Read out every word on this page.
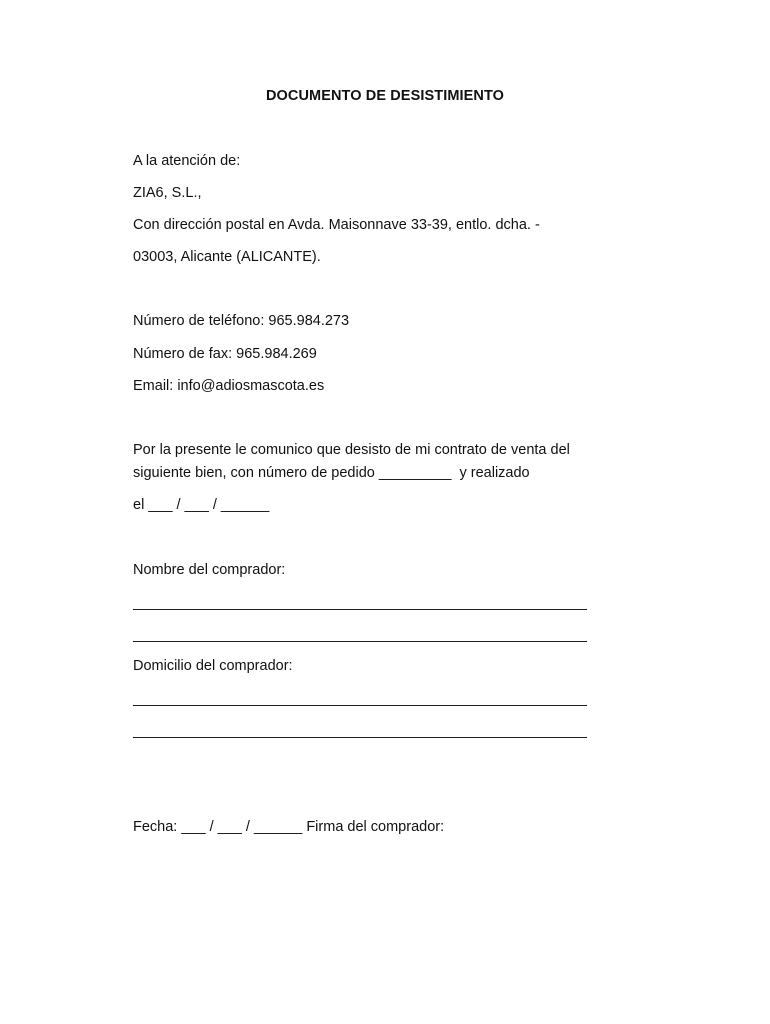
DOCUMENTO DE DESISTIMIENTO
A la atención de:
ZIA6, S.L.,
Con dirección postal en Avda. Maisonnave 33-39, entlo. dcha. -
03003, Alicante (ALICANTE).
Número de teléfono: 965.984.273
Número de fax: 965.984.269
Email: info@adiosmascota.es
Por la presente le comunico que desisto de mi contrato de venta del
siguiente bien, con número de pedido _________  y realizado
el ___ / ___ / ______
Nombre del comprador:
Domicilio del comprador:
Fecha: ___ / ___ / ______ Firma del comprador:
